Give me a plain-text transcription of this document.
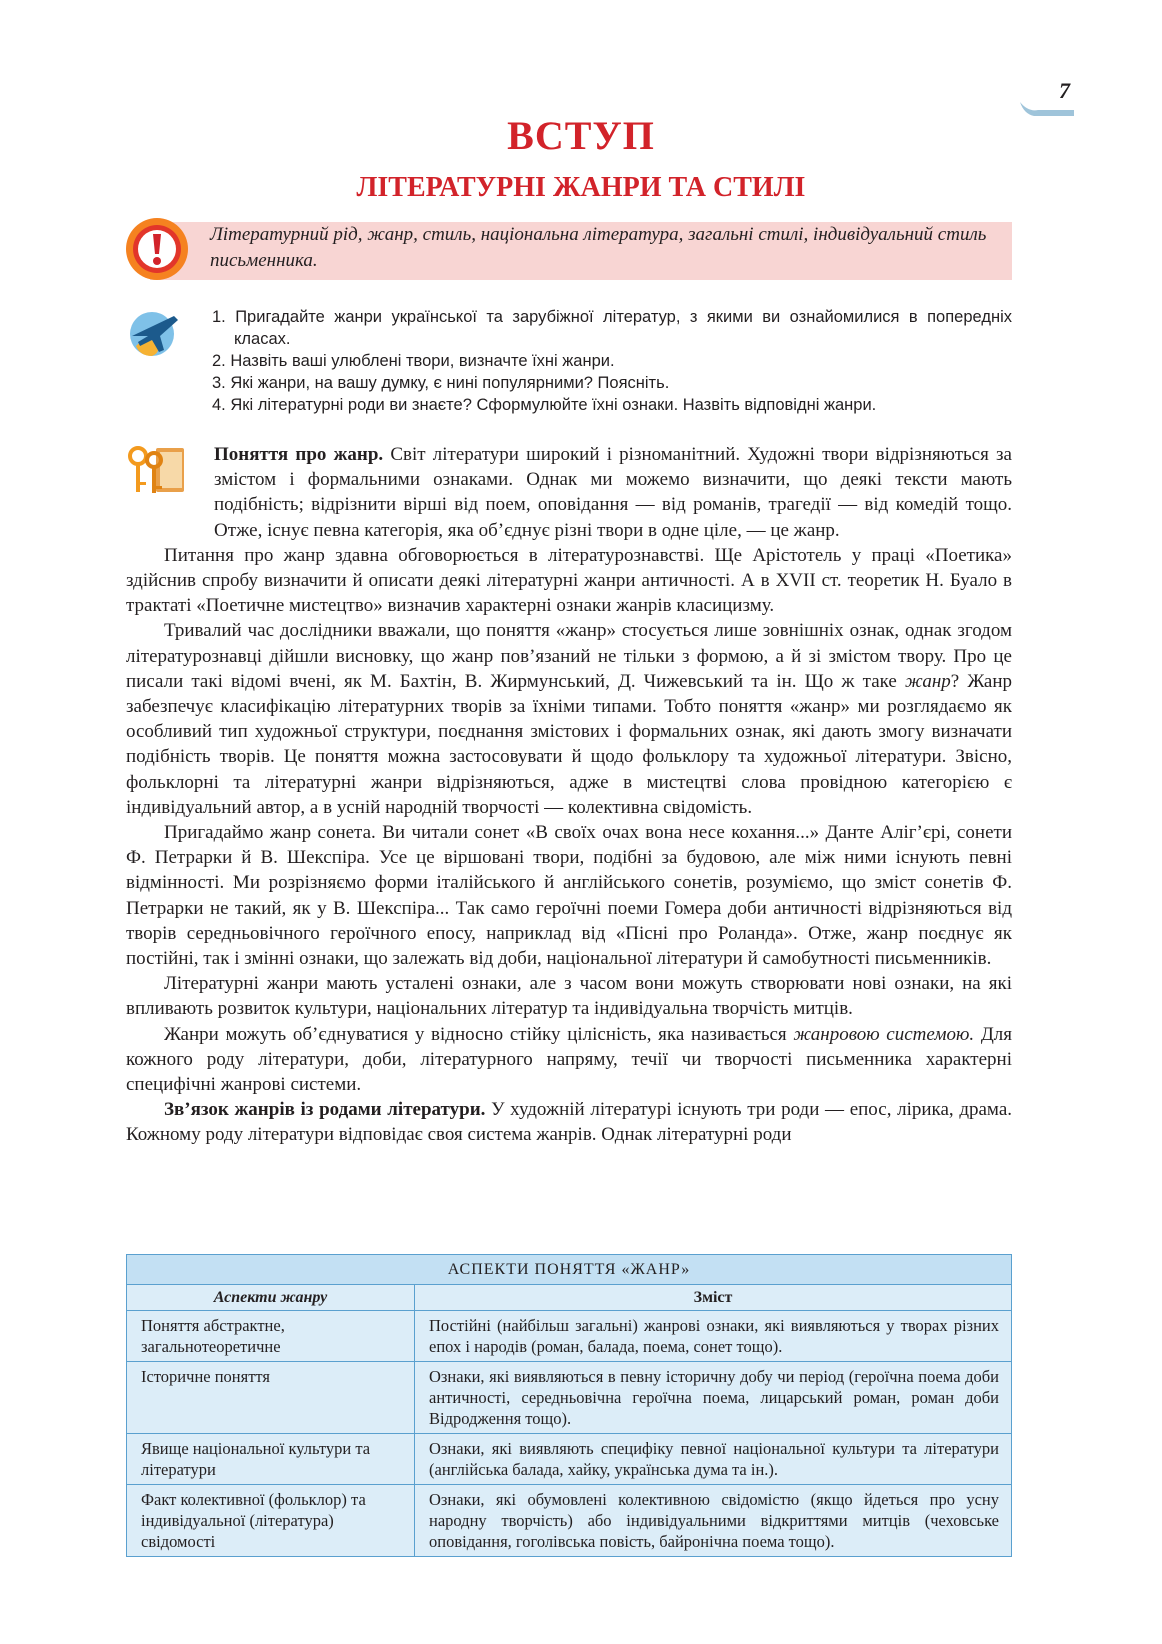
7
ВСТУП
ЛІТЕРАТУРНІ ЖАНРИ ТА СТИЛІ
Літературний рід, жанр, стиль, національна література, загальні стилі, індивідуальний стиль письменника.
1. Пригадайте жанри української та зарубіжної літератур, з якими ви ознайомилися в попередніх класах.
2. Назвіть ваші улюблені твори, визначте їхні жанри.
3. Які жанри, на вашу думку, є нині популярними? Поясніть.
4. Які літературні роди ви знаєте? Сформулюйте їхні ознаки. Назвіть відповідні жанри.

Поняття про жанр. Світ літератури широкий і різноманітний. Художні твори відрізняються за змістом і формальними ознаками. Однак ми можемо визначити, що деякі тексти мають подібність; відрізнити вірші від поем, оповідання — від романів, трагедії — від комедій тощо. Отже, існує певна категорія, яка об’єднує різні твори в одне ціле, — це жанр.

Питання про жанр здавна обговорюється в літературознавстві. Ще Арістотель у праці «Поетика» здійснив спробу визначити й описати деякі літературні жанри античності. А в XVII ст. теоретик Н. Буало в трактаті «Поетичне мистецтво» визначив характерні ознаки жанрів класицизму.

Тривалий час дослідники вважали, що поняття «жанр» стосується лише зовнішніх ознак, однак згодом літературознавці дійшли висновку, що жанр пов’язаний не тільки з формою, а й зі змістом твору. Про це писали такі відомі вчені, як М. Бахтін, В. Жирмунський, Д. Чижевський та ін. Що ж таке жанр? Жанр забезпечує класифікацію літературних творів за їхніми типами. Тобто поняття «жанр» ми розглядаємо як особливий тип художньої структури, поєднання змістових і формальних ознак, які дають змогу визначати подібність творів. Це поняття можна застосовувати й щодо фольклору та художньої літератури. Звісно, фольклорні та літературні жанри відрізняються, адже в мистецтві слова провідною категорією є індивідуальний автор, а в усній народній творчості — колективна свідомість.

Пригадаймо жанр сонета. Ви читали сонет «В своїх очах вона несе кохання...» Данте Аліг’єрі, сонети Ф. Петрарки й В. Шекспіра. Усе це віршовані твори, подібні за будовою, але між ними існують певні відмінності. Ми розрізняємо форми італійського й англійського сонетів, розуміємо, що зміст сонетів Ф. Петрарки не такий, як у В. Шекспіра... Так само героїчні поеми Гомера доби античності відрізняються від творів середньовічного героїчного епосу, наприклад від «Пісні про Роланда». Отже, жанр поєднує як постійні, так і змінні ознаки, що залежать від доби, національної літератури й самобутності письменників.

Літературні жанри мають усталені ознаки, але з часом вони можуть створювати нові ознаки, на які впливають розвиток культури, національних літератур та індивідуальна творчість митців.

Жанри можуть об’єднуватися у відносно стійку цілісність, яка називається жанровою системою. Для кожного роду літератури, доби, літературного напряму, течії чи творчості письменника характерні специфічні жанрові системи.

Зв’язок жанрів із родами літератури. У художній літературі існують три роди — епос, лірика, драма. Кожному роду літератури відповідає своя система жанрів. Однак літературні роди

АСПЕКТИ ПОНЯТТЯ «ЖАНР»	
Аспекти жанру	Зміст
Поняття абстрактне, загальнотеоретичне	Постійні (найбільш загальні) жанрові ознаки, які виявляються у творах різних епох і народів (роман, балада, поема, сонет тощо).
Історичне поняття	Ознаки, які виявляються в певну історичну добу чи період (героїчна поема доби античності, середньовічна героїчна поема, лицарський роман, роман доби Відродження тощо).
Явище національної культури та літератури	Ознаки, які виявляють специфіку певної національної культури та літератури (англійська балада, хайку, українська дума та ін.).
Факт колективної (фольклор) та індивідуальної (література) свідомості	Ознаки, які обумовлені колективною свідомістю (якщо йдеться про усну народну творчість) або індивідуальними відкриттями митців (чеховське оповідання, гоголівська повість, байронічна поема тощо).
